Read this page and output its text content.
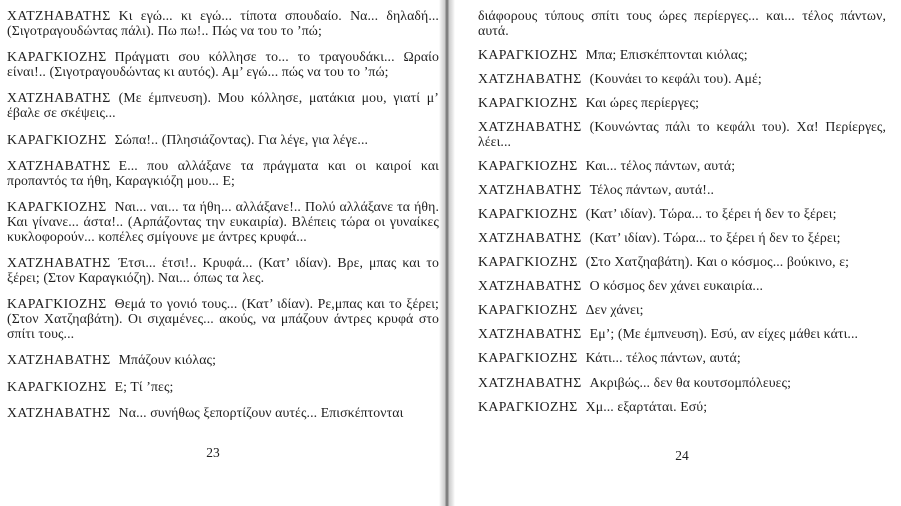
ΧΑΤΖΗΑΒΑΤΗΣ Κι εγώ... κι εγώ... τίποτα σπουδαίο. Να... δηλαδή... (Σιγοτραγουδώντας πάλι). Πω πω!.. Πώς να του το ’πώ;

ΚΑΡΑΓΚΙΟΖΗΣ Πράγματι σου κόλλησε το... το τραγουδάκι... Ωραίο είναι!.. (Σιγοτραγουδώντας κι αυτός). Αμ’ εγώ... πώς να του το ’πώ;

ΧΑΤΖΗΑΒΑΤΗΣ (Με έμπνευση). Μου κόλλησε, ματάκια μου, γιατί μ’ έβαλε σε σκέψεις...

ΚΑΡΑΓΚΙΟΖΗΣ Σώπα!.. (Πλησιάζοντας). Για λέγε, για λέγε...

ΧΑΤΖΗΑΒΑΤΗΣ Ε... που αλλάξανε τα πράγματα και οι καιροί και προπαντός τα ήθη, Καραγκιόζη μου... Ε;

ΚΑΡΑΓΚΙΟΖΗΣ Ναι... ναι... τα ήθη... αλλάξανε!.. Πολύ αλλάξανε τα ήθη. Και γίνανε... άστα!.. (Αρπάζοντας την ευκαιρία). Βλέπεις τώρα οι γυναίκες κυκλοφορούν... κοπέλες σμίγουνε με άντρες κρυφά...

ΧΑΤΖΗΑΒΑΤΗΣ Έτσι... έτσι!.. Κρυφά... (Κατ’ ιδίαν). Βρε, μπας και το ξέρει; (Στον Καραγκιόζη). Ναι... όπως τα λες.

ΚΑΡΑΓΚΙΟΖΗΣ Θεμά το γονιό τους... (Κατ’ ιδίαν). Ρε,μπας και το ξέρει; (Στον Χατζηαβάτη). Οι σιχαμένες... ακούς, να μπάζουν άντρες κρυφά στο σπίτι τους...

ΧΑΤΖΗΑΒΑΤΗΣ Μπάζουν κιόλας;

ΚΑΡΑΓΚΙΟΖΗΣ Ε; Τί ’πες;

ΧΑΤΖΗΑΒΑΤΗΣ Να... συνήθως ξεπορτίζουν αυτές... Επισκέπτονται

διάφορους τύπους σπίτι τους ώρες περίεργες... και... τέλος πάντων, αυτά.

ΚΑΡΑΓΚΙΟΖΗΣ Μπα; Επισκέπτονται κιόλας;

ΧΑΤΖΗΑΒΑΤΗΣ (Κουνάει το κεφάλι του). Αμέ;

ΚΑΡΑΓΚΙΟΖΗΣ Και ώρες περίεργες;

ΧΑΤΖΗΑΒΑΤΗΣ (Κουνώντας πάλι το κεφάλι του). Χα! Περίεργες, λέει...

ΚΑΡΑΓΚΙΟΖΗΣ Και... τέλος πάντων, αυτά;

ΧΑΤΖΗΑΒΑΤΗΣ Τέλος πάντων, αυτά!..

ΚΑΡΑΓΚΙΟΖΗΣ (Κατ’ ιδίαν). Τώρα... το ξέρει ή δεν το ξέρει;

ΧΑΤΖΗΑΒΑΤΗΣ (Κατ’ ιδίαν). Τώρα... το ξέρει ή δεν το ξέρει;

ΚΑΡΑΓΚΙΟΖΗΣ (Στο Χατζηαβάτη). Και ο κόσμος... βούκινο, ε;

ΧΑΤΖΗΑΒΑΤΗΣ Ο κόσμος δεν χάνει ευκαιρία...

ΚΑΡΑΓΚΙΟΖΗΣ Δεν χάνει;

ΧΑΤΖΗΑΒΑΤΗΣ Εμ’; (Με έμπνευση). Εσύ, αν είχες μάθει κάτι...

ΚΑΡΑΓΚΙΟΖΗΣ Κάτι... τέλος πάντων, αυτά;

ΧΑΤΖΗΑΒΑΤΗΣ Ακριβώς... δεν θα κουτσομπόλευες;

ΚΑΡΑΓΚΙΟΖΗΣ Χμ... εξαρτάται. Εσύ;

23	24
